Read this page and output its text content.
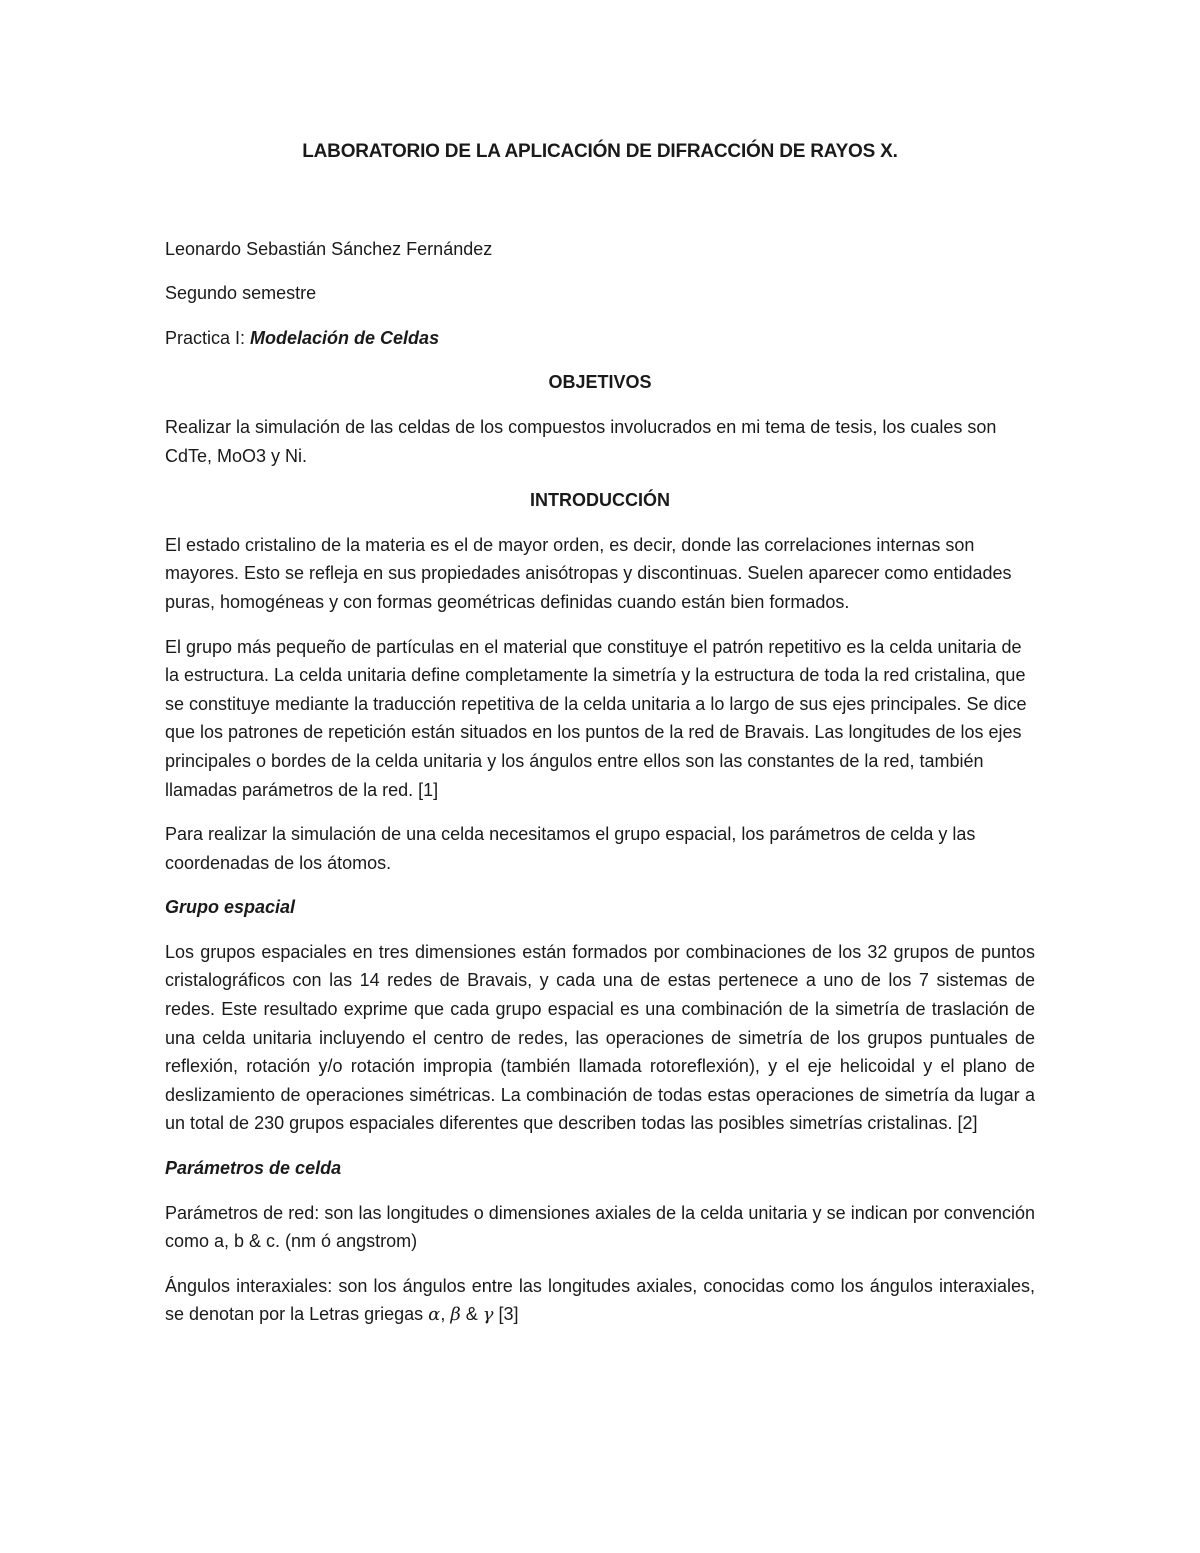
LABORATORIO DE LA APLICACIÓN DE DIFRACCIÓN DE RAYOS X.

Leonardo Sebastián Sánchez Fernández

Segundo semestre

Practica I: Modelación de Celdas

OBJETIVOS

Realizar la simulación de las celdas de los compuestos involucrados en mi tema de tesis, los cuales son CdTe, MoO3 y Ni.

INTRODUCCIÓN

El estado cristalino de la materia es el de mayor orden, es decir, donde las correlaciones internas son mayores. Esto se refleja en sus propiedades anisótropas y discontinuas. Suelen aparecer como entidades puras, homogéneas y con formas geométricas definidas cuando están bien formados.

El grupo más pequeño de partículas en el material que constituye el patrón repetitivo es la celda unitaria de la estructura. La celda unitaria define completamente la simetría y la estructura de toda la red cristalina, que se constituye mediante la traducción repetitiva de la celda unitaria a lo largo de sus ejes principales. Se dice que los patrones de repetición están situados en los puntos de la red de Bravais. Las longitudes de los ejes principales o bordes de la celda unitaria y los ángulos entre ellos son las constantes de la red, también llamadas parámetros de la red. [1]

Para realizar la simulación de una celda necesitamos el grupo espacial, los parámetros de celda y las coordenadas de los átomos.

Grupo espacial

Los grupos espaciales en tres dimensiones están formados por combinaciones de los 32 grupos de puntos cristalográficos con las 14 redes de Bravais, y cada una de estas pertenece a uno de los 7 sistemas de redes. Este resultado exprime que cada grupo espacial es una combinación de la simetría de traslación de una celda unitaria incluyendo el centro de redes, las operaciones de simetría de los grupos puntuales de reflexión, rotación y/o rotación impropia (también llamada rotoreflexión), y el eje helicoidal y el plano de deslizamiento de operaciones simétricas. La combinación de todas estas operaciones de simetría da lugar a un total de 230 grupos espaciales diferentes que describen todas las posibles simetrías cristalinas. [2]

Parámetros de celda

Parámetros de red: son las longitudes o dimensiones axiales de la celda unitaria y se indican por convención como a, b & c. (nm ó angstrom)

Ángulos interaxiales: son los ángulos entre las longitudes axiales, conocidas como los ángulos interaxiales, se denotan por la Letras griegas α, β & γ [3]
